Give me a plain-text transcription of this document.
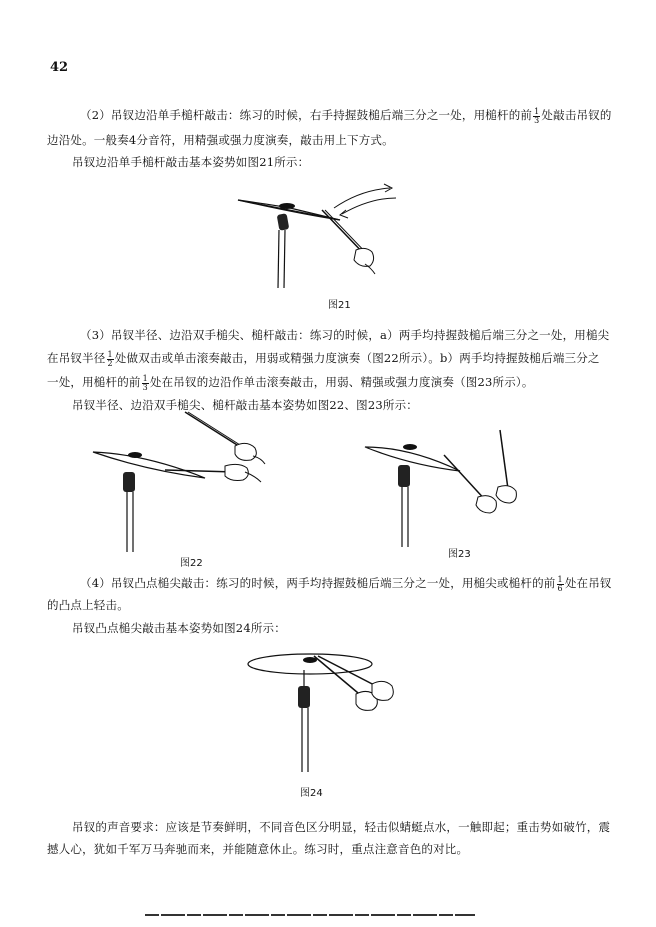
42
（2）吊钗边沿单手槌杆敲击：练习的时候，右手持握鼓槌后端三分之一处，用槌杆的前 $\frac{1}{3}$ 处敲击吊钗的
边沿处。一般奏4分音符，用精强或强力度演奏，敲击用上下方式。
吊钗边沿单手槌杆敲击基本姿势如图21所示：
图21
（3）吊钗半径、边沿双手槌尖、槌杆敲击：练习的时候，a）两手均持握鼓槌后端三分之一处，用槌尖
在吊钗半径 $\frac{1}{2}$ 处做双击或单击滚奏敲击，用弱或精强力度演奏（图22所示）。b）两手均持握鼓槌后端三分之
一处，用槌杆的前 $\frac{1}{3}$ 处在吊钗的边沿作单击滚奏敲击，用弱、精强或强力度演奏（图23所示）。
吊钗半径、边沿双手槌尖、槌杆敲击基本姿势如图22、图23所示：
图22
图23
（4）吊钗凸点槌尖敲击：练习的时候，两手均持握鼓槌后端三分之一处，用槌尖或槌杆的前 $\frac{1}{6}$ 处在吊钗
的凸点上轻击。
吊钗凸点槌尖敲击基本姿势如图24所示：
图24
吊钗的声音要求：应该是节奏鲜明，不同音色区分明显，轻击似蜻蜓点水，一触即起；重击势如破竹，震
撼人心，犹如千军万马奔驰而来，并能随意休止。练习时，重点注意音色的对比。
